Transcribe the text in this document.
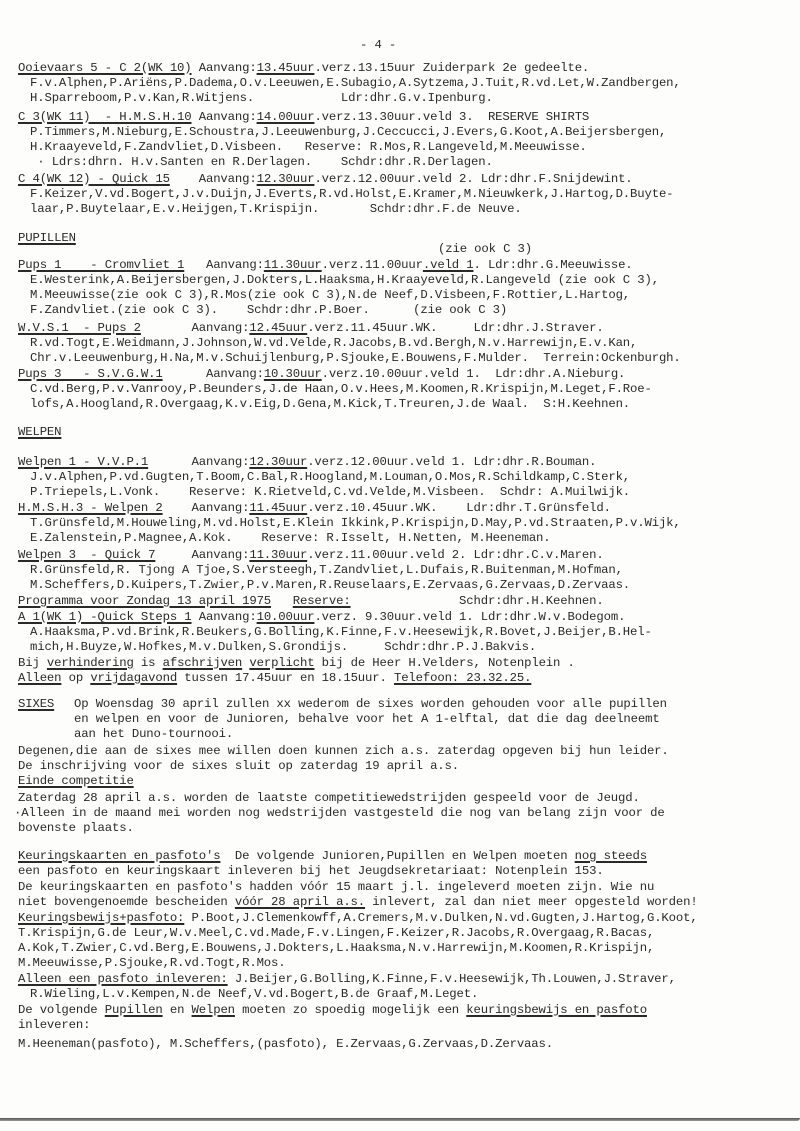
- 4 -
Ooievaars 5 - C 2(WK 10) Aanvang:13.45uur.verz.13.15uur Zuiderpark 2e gedeelte.
F.v.Alphen,P.Ariëns,P.Dadema,O.v.Leeuwen,E.Subagio,A.Sytzema,J.Tuit,R.vd.Let,W.Zandbergen,
H.Sparreboom,P.v.Kan,R.Witjens.            Ldr:dhr.G.v.Ipenburg.
C 3(WK 11)  - H.M.S.H.10 Aanvang:14.00uur.verz.13.30uur.veld 3.  RESERVE SHIRTS
P.Timmers,M.Nieburg,E.Schoustra,J.Leeuwenburg,J.Ceccucci,J.Evers,G.Koot,A.Beijersbergen,
H.Kraayeveld,F.Zandvliet,D.Visbeen.   Reserve: R.Mos,R.Langeveld,M.Meeuwisse.
· Ldrs:dhrn. H.v.Santen en R.Derlagen.    Schdr:dhr.R.Derlagen.
C 4(WK 12) - Quick 15    Aanvang:12.30uur.verz.12.00uur.veld 2. Ldr:dhr.F.Snijdewint.
F.Keizer,V.vd.Bogert,J.v.Duijn,J.Everts,R.vd.Holst,E.Kramer,M.Nieuwkerk,J.Hartog,D.Buyte-
laar,P.Buytelaar,E.v.Heijgen,T.Krispijn.       Schdr:dhr.F.de Neuve.
PUPILLEN
(zie ook C 3)
Pups 1    - Cromvliet 1   Aanvang:11.30uur.verz.11.00uur.veld 1. Ldr:dhr.G.Meeuwisse.
E.Westerink,A.Beijersbergen,J.Dokters,L.Haaksma,H.Kraayeveld,R.Langeveld (zie ook C 3),
M.Meeuwisse(zie ook C 3),R.Mos(zie ook C 3),N.de Neef,D.Visbeen,F.Rottier,L.Hartog,
F.Zandvliet.(zie ook C 3).    Schdr:dhr.P.Boer.      (zie ook C 3)
W.V.S.1  - Pups 2       Aanvang:12.45uur.verz.11.45uur.WK.     Ldr:dhr.J.Straver.
R.vd.Togt,E.Weidmann,J.Johnson,W.vd.Velde,R.Jacobs,B.vd.Bergh,N.v.Harrewijn,E.v.Kan,
Chr.v.Leeuwenburg,H.Na,M.v.Schuijlenburg,P.Sjouke,E.Bouwens,F.Mulder.  Terrein:Ockenburgh.
Pups 3   - S.V.G.W.1      Aanvang:10.30uur.verz.10.00uur.veld 1.  Ldr:dhr.A.Nieburg.
C.vd.Berg,P.v.Vanrooy,P.Beunders,J.de Haan,O.v.Hees,M.Koomen,R.Krispijn,M.Leget,F.Roe-
lofs,A.Hoogland,R.Overgaag,K.v.Eig,D.Gena,M.Kick,T.Treuren,J.de Waal.  S:H.Keehnen.
WELPEN
Welpen 1 - V.V.P.1      Aanvang:12.30uur.verz.12.00uur.veld 1. Ldr:dhr.R.Bouman.
J.v.Alphen,P.vd.Gugten,T.Boom,C.Bal,R.Hoogland,M.Louman,O.Mos,R.Schildkamp,C.Sterk,
P.Triepels,L.Vonk.    Reserve: K.Rietveld,C.vd.Velde,M.Visbeen.  Schdr: A.Muilwijk.
H.M.S.H.3 - Welpen 2    Aanvang:11.45uur.verz.10.45uur.WK.    Ldr:dhr.T.Grünsfeld.
T.Grünsfeld,M.Houweling,M.vd.Holst,E.Klein Ikkink,P.Krispijn,D.May,P.vd.Straaten,P.v.Wijk,
E.Zalenstein,P.Magnee,A.Kok.    Reserve: R.Isselt, H.Netten, M.Heeneman.
Welpen 3  - Quick 7     Aanvang:11.30uur.verz.11.00uur.veld 2. Ldr:dhr.C.v.Maren.
R.Grünsfeld,R. Tjong A Tjoe,S.Versteegh,T.Zandvliet,L.Dufais,R.Buitenman,M.Hofman,
M.Scheffers,D.Kuipers,T.Zwier,P.v.Maren,R.Reuselaars,E.Zervaas,G.Zervaas,D.Zervaas.
Programma voor Zondag 13 april 1975 Reserve:	Schdr:dhr.H.Keehnen.
A 1(WK 1) -Quick Steps 1 Aanvang:10.00uur.verz. 9.30uur.veld 1. Ldr:dhr.W.v.Bodegom.
A.Haaksma,P.vd.Brink,R.Beukers,G.Bolling,K.Finne,F.v.Heesewijk,R.Bovet,J.Beijer,B.Hel-
mich,H.Buyze,W.Hofkes,M.v.Dulken,S.Grondijs.     Schdr:dhr.P.J.Bakvis.
Bij verhindering is afschrijven verplicht bij de Heer H.Velders, Notenplein .
Alleen op vrijdagavond tussen 17.45uur en 18.15uur. Telefoon: 23.32.25.
SIXES Op Woensdag 30 april zullen xx wederom de sixes worden gehouden voor alle pupillen
en welpen en voor de Junioren, behalve voor het A 1-elftal, dat die dag deelneemt
aan het Duno-tournooi.
Degenen,die aan de sixes mee willen doen kunnen zich a.s. zaterdag opgeven bij hun leider.
De inschrijving voor de sixes sluit op zaterdag 19 april a.s.
Einde competitie
Zaterdag 28 april a.s. worden de laatste competitiewedstrijden gespeeld voor de Jeugd.
·Alleen in de maand mei worden nog wedstrijden vastgesteld die nog van belang zijn voor de
bovenste plaats.
Keuringskaarten en pasfoto's  De volgende Junioren,Pupillen en Welpen moeten nog steeds
een pasfoto en keuringskaart inleveren bij het Jeugdsekretariaat: Notenplein 153.
De keuringskaarten en pasfoto's hadden vóór 15 maart j.l. ingeleverd moeten zijn. Wie nu
niet bovengenoemde bescheiden vóór 28 april a.s. inlevert, zal dan niet meer opgesteld worden!
Keuringsbewijs+pasfoto: P.Boot,J.Clemenkowff,A.Cremers,M.v.Dulken,N.vd.Gugten,J.Hartog,G.Koot,
T.Krispijn,G.de Leur,W.v.Meel,C.vd.Made,F.v.Lingen,F.Keizer,R.Jacobs,R.Overgaag,R.Bacas,
A.Kok,T.Zwier,C.vd.Berg,E.Bouwens,J.Dokters,L.Haaksma,N.v.Harrewijn,M.Koomen,R.Krispijn,
M.Meeuwisse,P.Sjouke,R.vd.Togt,R.Mos.
Alleen een pasfoto inleveren: J.Beijer,G.Bolling,K.Finne,F.v.Heesewijk,Th.Louwen,J.Straver,
R.Wieling,L.v.Kempen,N.de Neef,V.vd.Bogert,B.de Graaf,M.Leget.
De volgende Pupillen en Welpen moeten zo spoedig mogelijk een keuringsbewijs en pasfoto
inleveren:
M.Heeneman(pasfoto), M.Scheffers,(pasfoto), E.Zervaas,G.Zervaas,D.Zervaas.
